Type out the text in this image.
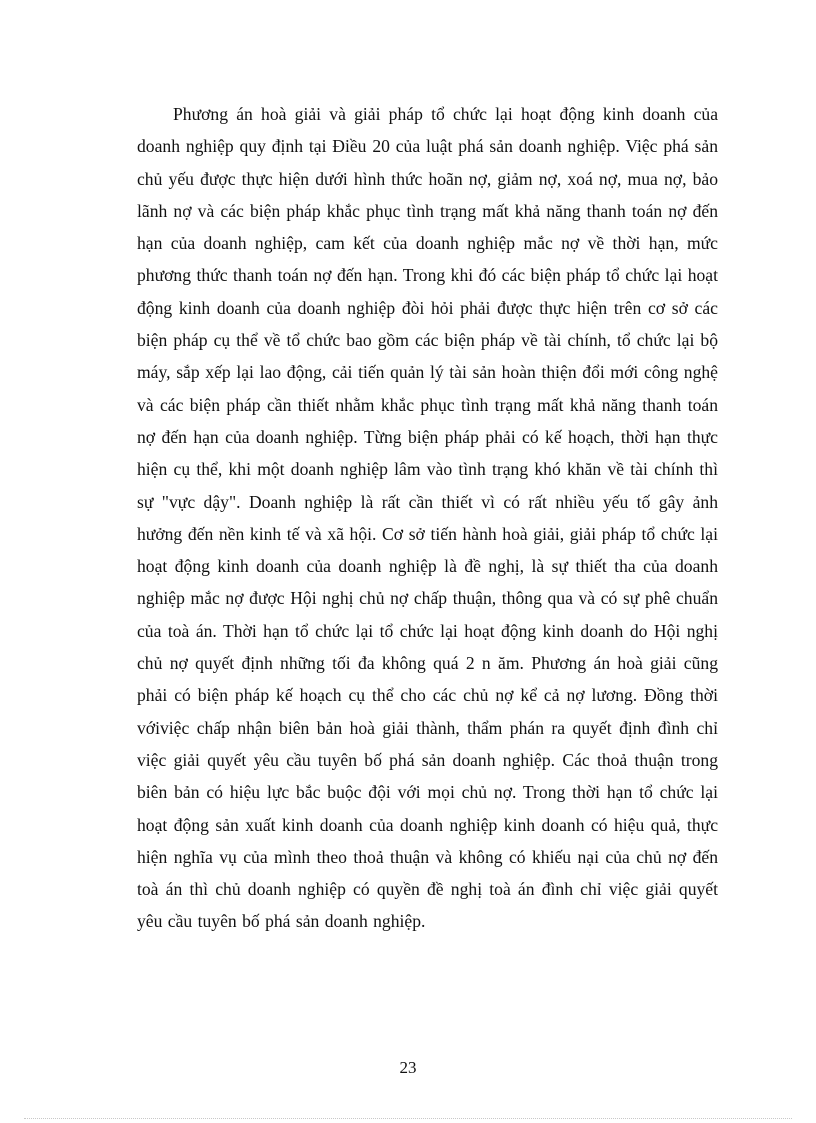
Phương án hoà giải và giải pháp tổ chức lại hoạt động kinh doanh của doanh nghiệp quy định tại Điều 20 của luật phá sản doanh nghiệp. Việc phá sản chủ yếu được thực hiện dưới hình thức hoãn nợ, giảm nợ, xoá nợ, mua nợ, bảo lãnh nợ và các biện pháp khắc phục tình trạng mất khả năng thanh toán nợ đến hạn của doanh nghiệp, cam kết của doanh nghiệp mắc nợ về thời hạn, mức phương thức thanh toán nợ đến hạn. Trong khi đó các biện pháp tổ chức lại hoạt động kinh doanh của doanh nghiệp đòi hỏi phải được thực hiện trên cơ sở các biện pháp cụ thể về tổ chức bao gồm các biện pháp về tài chính, tổ chức lại bộ máy, sắp xếp lại lao động, cải tiến quản lý tài sản hoàn thiện đổi mới công nghệ và các biện pháp cần thiết nhằm khắc phục tình trạng mất khả năng thanh toán nợ đến hạn của doanh nghiệp. Từng biện pháp phải có kế hoạch, thời hạn thực hiện cụ thể, khi một doanh nghiệp lâm vào tình trạng khó khăn về tài chính thì sự "vực dậy". Doanh nghiệp là rất cần thiết vì có rất nhiều yếu tố gây ảnh hưởng đến nền kinh tế và xã hội. Cơ sở tiến hành hoà giải, giải pháp tổ chức lại hoạt động kinh doanh của doanh nghiệp là đề nghị, là sự thiết tha của doanh nghiệp mắc nợ được Hội nghị chủ nợ chấp thuận, thông qua và có sự phê chuẩn của toà án. Thời hạn tổ chức lại tổ chức lại hoạt động kinh doanh do Hội nghị chủ nợ quyết định những tối đa không quá 2 n ăm. Phương án hoà giải cũng phải có biện pháp kế hoạch cụ thể cho các chủ nợ kể cả nợ lương. Đồng thời vớiviệc chấp nhận biên bản hoà giải thành, thẩm phán ra quyết định đình chỉ việc giải quyết yêu cầu tuyên bố phá sản doanh nghiệp. Các thoả thuận trong biên bản có hiệu lực bắc buộc đội với mọi chủ nợ. Trong thời hạn tổ chức lại hoạt động sản xuất kinh doanh của doanh nghiệp kinh doanh có hiệu quả, thực hiện nghĩa vụ của mình theo thoả thuận và không có khiếu nại của chủ nợ đến toà án thì chủ doanh nghiệp có quyền đề nghị toà án đình chỉ việc giải quyết yêu cầu tuyên bố phá sản doanh nghiệp.

23
